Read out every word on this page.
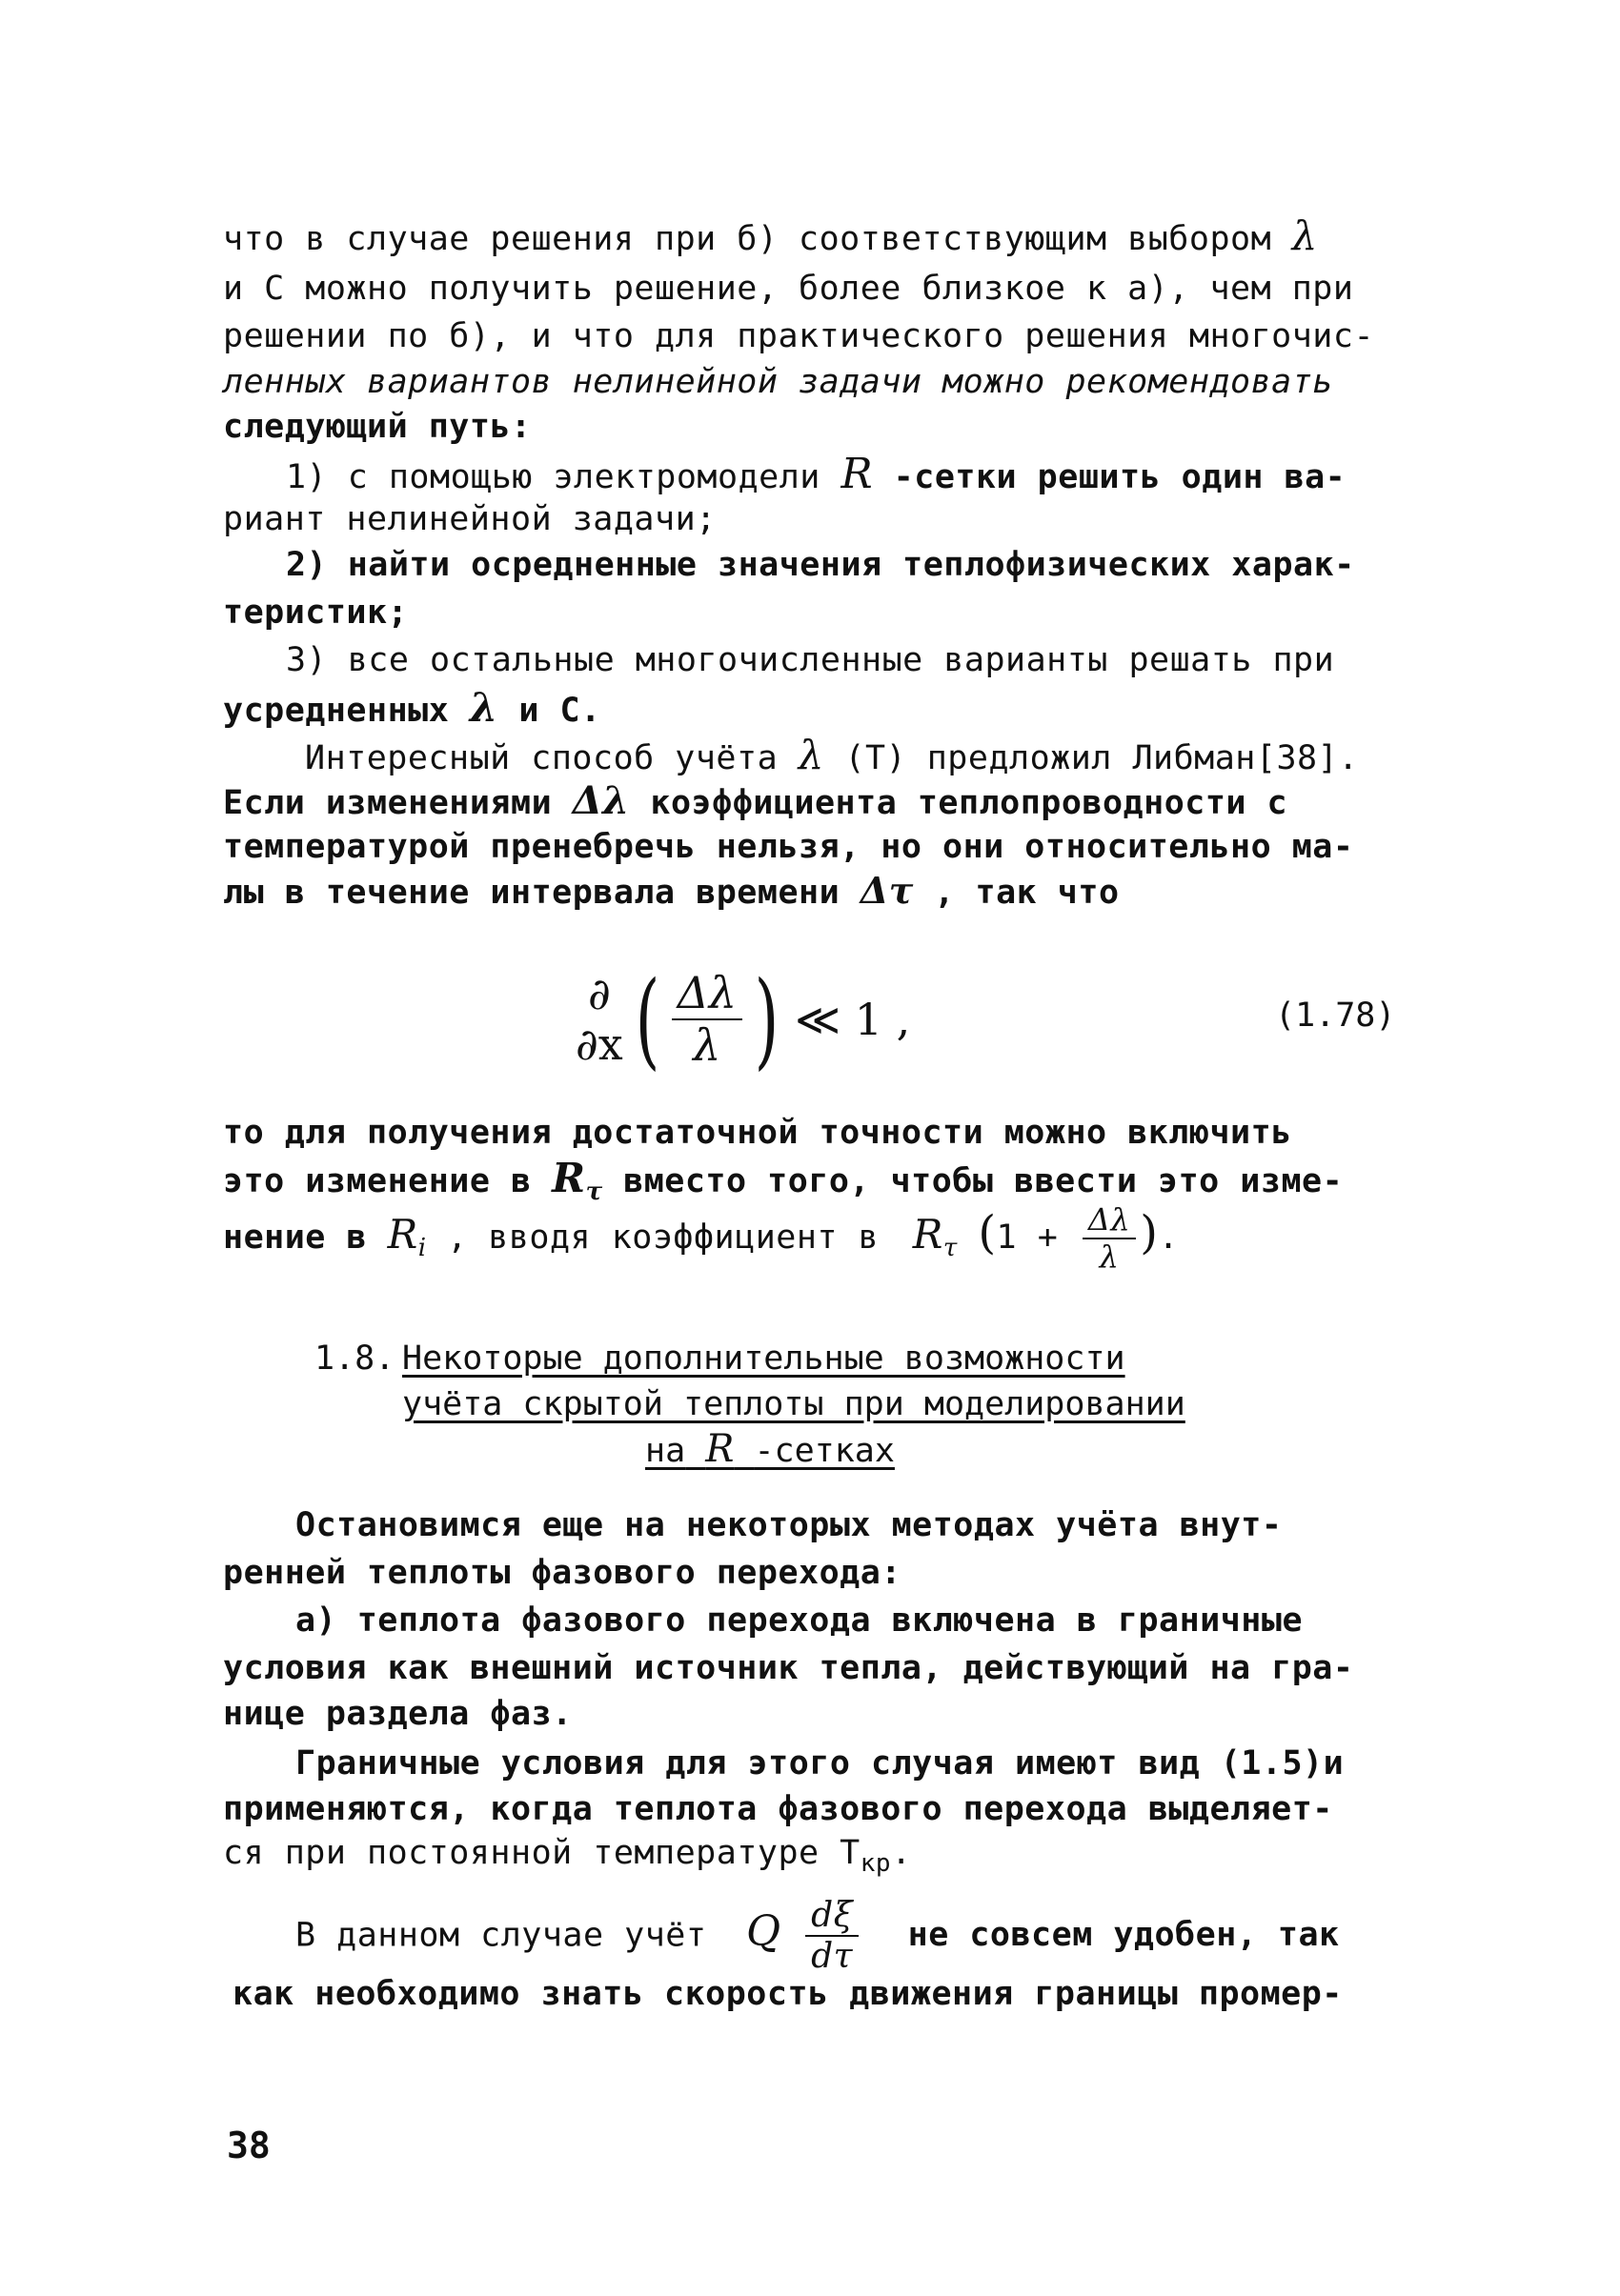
что в случае решения при б) соответствующим выбором λ
и С можно получить решение, более близкое к а), чем при
решении по б), и что для практического решения многочис-
ленных вариантов нелинейной задачи можно рекомендовать
следующий путь:
1) с помощью электромодели R -сетки решить один ва-
риант нелинейной задачи;
2) найти осредненные значения теплофизических харак-
теристик;
3) все остальные многочисленные варианты решать при
усредненных λ и С.
Интересный способ учёта λ (T) предложил Либман[38].
Если изменениями Δλ коэффициента теплопроводности с
температурой пренебречь нельзя, но они относительно ма-
лы в течение интервала времени Δτ , так что
∂
∂x ( $\frac{\Delta\lambda}{\lambda}$ ) ≪ 1 ,	(1.78)
то для получения достаточной точности можно включить
это изменение в $R_\tau$ вместо того, чтобы ввести это изме-
нение в $R_i$ , вводя коэффициент в $R_\tau$ ($1 + \frac{\Delta\lambda}{\lambda}$ ).
1.8. Некоторые дополнительные возможности
учёта скрытой теплоты при моделировании
на R -сетках
Остановимся еще на некоторых методах учёта внут-
ренней теплоты фазового перехода:
а) теплота фазового перехода включена в граничные
условия как внешний источник тепла, действующий на гра-
нице раздела фаз.
Граничные условия для этого случая имеют вид (1.5)и
применяются, когда теплота фазового перехода выделяет-
ся при постоянной температуре $T_{кр}$.
В данном случае учёт Q $\frac{d\xi}{d\tau}$ не совсем удобен, так
как необходимо знать скорость движения границы промер-
38
